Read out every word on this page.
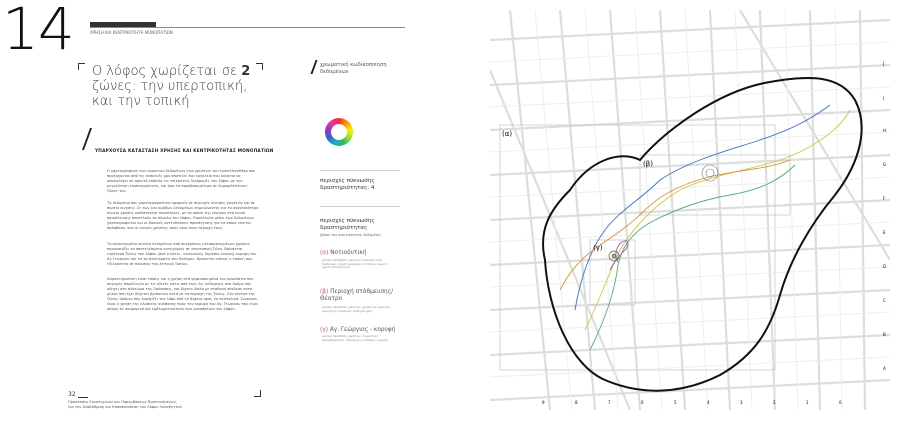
14	ΧΡΗΣΗ ΚΑΙ ΚΕΝΤΡΙΚΟΤΗΤΑ ΜΟΝΟΠΑΤΙΩΝ
Ο λόφος χωρίζεται σε 2 ζώνες: την υπερτοπική, και την τοπική
ΥΠΑΡΧΟΥΣΑ ΚΑΤΑΣΤΑΣΗ ΧΡΗΣΗΣ ΚΑΙ ΚΕΝΤΡΙΚΟΤΗΤΑΣ ΜΟΝΟΠΑΤΙΩΝ
Η χαρτογράφηση των ανοικτών δεδομένων των χρηστών του OpenStreetMap που προέρχονται από τις συσκευές gps αποτελεί ένα εργαλείο που δύναται να αποκαλύψει σε αρκετό επίπεδο τις επικρατείς διαδρομές του λόφου με την μεγαλύτερη επισκεψιμότητα, και άρα τα προσβασιμότερα σε δημοφιλέστερες ζώνες του.
Τα δεδομένα που χαρτογραφούνται αφορούν σε περιοχές κίνησης χρηστών και σε πορεία κίνησης. Σε των δυο ομάδων δεδομένων σημειώνονται για τα αναγκαιότερα σημεία χρήσης καθίστανται πυκνότερες, με τα οποία της κίνησης στα κοινά προσέλευσης αποτελούν τα σύνολα του λόφου. Παράλληλα μέσω των δεδομένων χαρτογραφείται και οι βασικές κατευθύνσεις προσέγγισης για τα οποία γίνεται πρόσβαση, που οι κίνηση χρήστης προς όρια στην περιοχή τους.
Το συγκεκριμένο σύνολο δεδομένων από συγχρόνως μεταφορτωμένων χρήσεις παρουσιάζει τα αποτελέσματα κατηγορίας σε υπερτοπική ζώνη. Βρίσκεται ευρύτερα ζώνης του λόφου (ανά ο κάτω - κοινωνικής δημόσια κίνηση) κορυφή του Αγ.Γεωργίου και τα τα πλατώματα του Θεάτρου. Βρίσκεται επίσης η τοπική που εξελίσσεται σε πλαισίου του Αττικού Τοπίου.
Χαρακτηριστική είναι επίσης και η χρήση στα ψηφιοποιημένα του μονοπάτια που συνεχώς παράλληλα με τις οδικές κάτω από τους Αγ. Ισίδωρους στο δρόμο που οδηγεί στο πλάτωμα της Πρόσοψης, και δίχτυο δίπλα με σταθερή σύνδεση κατά μήκος που έχει δέχεται βρίσκεται κατά με τα περιοχή της ζώνης. Στο κέντρο της ζώνης δρόμου που διασχίζει τον λόφο από τα βόρεια προς τα ανατολικά. Συνολικά είναι η χρήση της κλασικής ανάβασης προς τον κορυφή του Αγ. Γεωργίου που είναι ακόμη το ανηφορικό και εμβληματικότερο των μονοπατιών του λόφου.
32
Προστασία Στρατηγικών και Παρεμβάσεων Προτεινόμενων,
για την Αναβάθμιση και Επανασύνδεση του Λόφου Λυκαβηττού
χρωματική κωδικοποίηση δεδομένων
περιοχές πύκνωσης δραστηριότητας: 4
περιοχές πύκνωσης δραστηριότητας
(βάση την κινητικότητα, δεδομένα)
(α) Νοτιοδυτική
μεγάλη πρόσβαση χρηστών, περιπατητικές διαδρομές, παρατηρούμενες εντάσεις, αρκετή χρήση ποδηλατικών
(β) Περιοχή στάθμευσης/ Θέατρο
μεγάλη πρόσβαση χρηστών, χρήση για ημερήσια περιήγηση, υποδομές εξυπηρέτησης
(γ) Αγ. Γεώργιος - κορυφή
μεγάλη πρόσβαση χρηστών, τουριστική επισκέψιμότητα, περιήγηση εντάσεως, κορυφή
(α)
(β)
(γ)
J
I
H
G
F
E
D
C
B
A
9	8	7	6	5	4	3	2	1	0
